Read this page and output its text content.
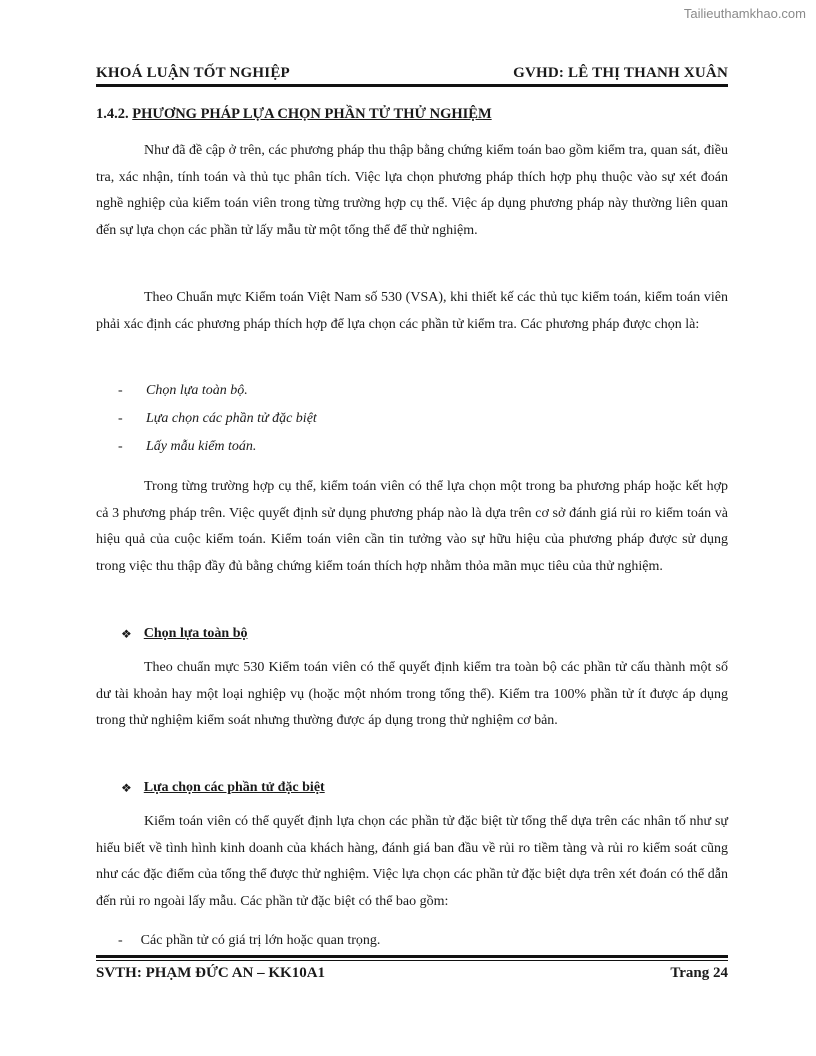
Tailieuthamkhao.com
KHOÁ LUẬN TỐT NGHIỆP	GVHD: LÊ THỊ THANH XUÂN
1.4.2. PHƯƠNG PHÁP LỰA CHỌN PHẦN TỬ THỬ NGHIỆM

Như đã đề cập ở trên, các phương pháp thu thập bằng chứng kiểm toán bao gồm kiểm tra, quan sát, điều tra, xác nhận, tính toán và thủ tục phân tích. Việc lựa chọn phương pháp thích hợp phụ thuộc vào sự xét đoán nghề nghiệp của kiểm toán viên trong từng trường hợp cụ thể. Việc áp dụng phương pháp này thường liên quan đến sự lựa chọn các phần tử lấy mẫu từ một tổng thể để thử nghiệm.

Theo Chuẩn mực Kiểm toán Việt Nam số 530 (VSA), khi thiết kế các thủ tục kiểm toán, kiểm toán viên phải xác định các phương pháp thích hợp để lựa chọn các phần tử kiểm tra. Các phương pháp được chọn là:

- Chọn lựa toàn bộ.
- Lựa chọn các phần tử đặc biệt
- Lấy mẫu kiểm toán.

Trong từng trường hợp cụ thể, kiểm toán viên có thể lựa chọn một trong ba phương pháp hoặc kết hợp cả 3 phương pháp trên. Việc quyết định sử dụng phương pháp nào là dựa trên cơ sở đánh giá rủi ro kiểm toán và hiệu quả của cuộc kiểm toán. Kiểm toán viên cần tin tưởng vào sự hữu hiệu của phương pháp được sử dụng trong việc thu thập đầy đủ bằng chứng kiểm toán thích hợp nhằm thỏa mãn mục tiêu của thử nghiệm.

❖ Chọn lựa toàn bộ

Theo chuẩn mực 530 Kiểm toán viên có thể quyết định kiểm tra toàn bộ các phần tử cấu thành một số dư tài khoản hay một loại nghiệp vụ (hoặc một nhóm trong tổng thể). Kiểm tra 100% phần tử ít được áp dụng trong thử nghiệm kiểm soát nhưng thường được áp dụng trong thử nghiệm cơ bản.

❖ Lựa chọn các phần tử đặc biệt

Kiểm toán viên có thể quyết định lựa chọn các phần tử đặc biệt từ tổng thể dựa trên các nhân tố như sự hiểu biết về tình hình kinh doanh của khách hàng, đánh giá ban đầu về rủi ro tiềm tàng và rủi ro kiểm soát cũng như các đặc điểm của tổng thể được thử nghiệm. Việc lựa chọn các phần tử đặc biệt dựa trên xét đoán có thể dẫn đến rủi ro ngoài lấy mẫu. Các phần tử đặc biệt có thể bao gồm:

- Các phần tử có giá trị lớn hoặc quan trọng.
SVTH: PHẠM ĐỨC AN – KK10A1	Trang 24
